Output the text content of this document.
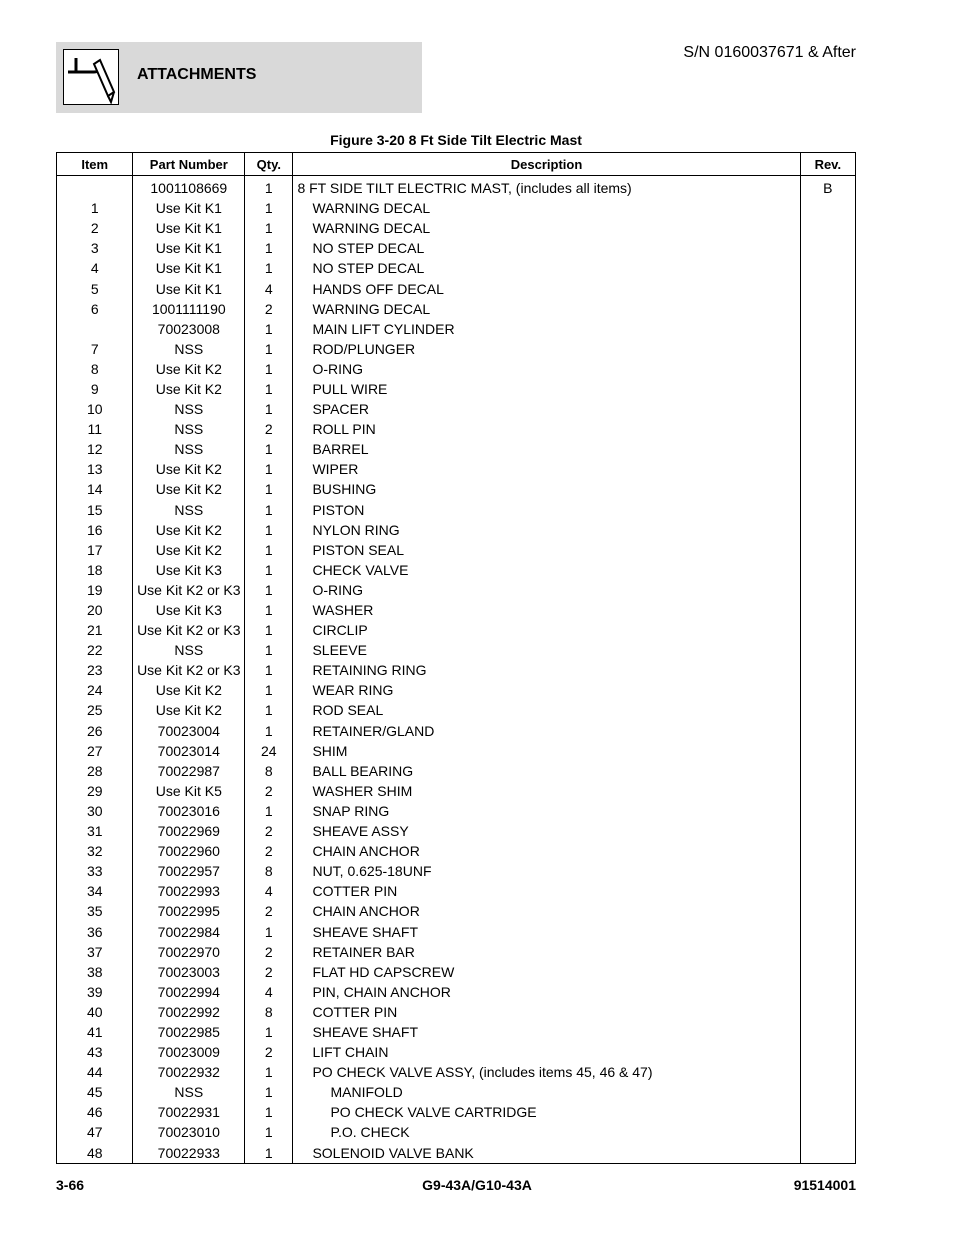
ATTACHMENTS
S/N 0160037671 & After
Figure 3-20 8 Ft Side Tilt Electric Mast
Item	Part Number	Qty.	Description	Rev.
	1001108669	1	8 FT SIDE TILT ELECTRIC MAST, (includes all items)	B
1	Use Kit K1	1	WARNING DECAL	
2	Use Kit K1	1	WARNING DECAL	
3	Use Kit K1	1	NO STEP DECAL	
4	Use Kit K1	1	NO STEP DECAL	
5	Use Kit K1	4	HANDS OFF DECAL	
6	1001111190	2	WARNING DECAL	
	70023008	1	MAIN LIFT CYLINDER	
7	NSS	1	ROD/PLUNGER	
8	Use Kit K2	1	O-RING	
9	Use Kit K2	1	PULL WIRE	
10	NSS	1	SPACER	
11	NSS	2	ROLL PIN	
12	NSS	1	BARREL	
13	Use Kit K2	1	WIPER	
14	Use Kit K2	1	BUSHING	
15	NSS	1	PISTON	
16	Use Kit K2	1	NYLON RING	
17	Use Kit K2	1	PISTON SEAL	
18	Use Kit K3	1	CHECK VALVE	
19	Use Kit K2 or K3	1	O-RING	
20	Use Kit K3	1	WASHER	
21	Use Kit K2 or K3	1	CIRCLIP	
22	NSS	1	SLEEVE	
23	Use Kit K2 or K3	1	RETAINING RING	
24	Use Kit K2	1	WEAR RING	
25	Use Kit K2	1	ROD SEAL	
26	70023004	1	RETAINER/GLAND	
27	70023014	24	SHIM	
28	70022987	8	BALL BEARING	
29	Use Kit K5	2	WASHER SHIM	
30	70023016	1	SNAP RING	
31	70022969	2	SHEAVE ASSY	
32	70022960	2	CHAIN ANCHOR	
33	70022957	8	NUT, 0.625-18UNF	
34	70022993	4	COTTER PIN	
35	70022995	2	CHAIN ANCHOR	
36	70022984	1	SHEAVE SHAFT	
37	70022970	2	RETAINER BAR	
38	70023003	2	FLAT HD CAPSCREW	
39	70022994	4	PIN, CHAIN ANCHOR	
40	70022992	8	COTTER PIN	
41	70022985	1	SHEAVE SHAFT	
43	70023009	2	LIFT CHAIN	
44	70022932	1	PO CHECK VALVE ASSY, (includes items 45, 46 & 47)	
45	NSS	1	MANIFOLD	
46	70022931	1	PO CHECK VALVE CARTRIDGE	
47	70023010	1	P.O. CHECK	
48	70022933	1	SOLENOID VALVE BANK	
3-66	G9-43A/G10-43A	91514001
